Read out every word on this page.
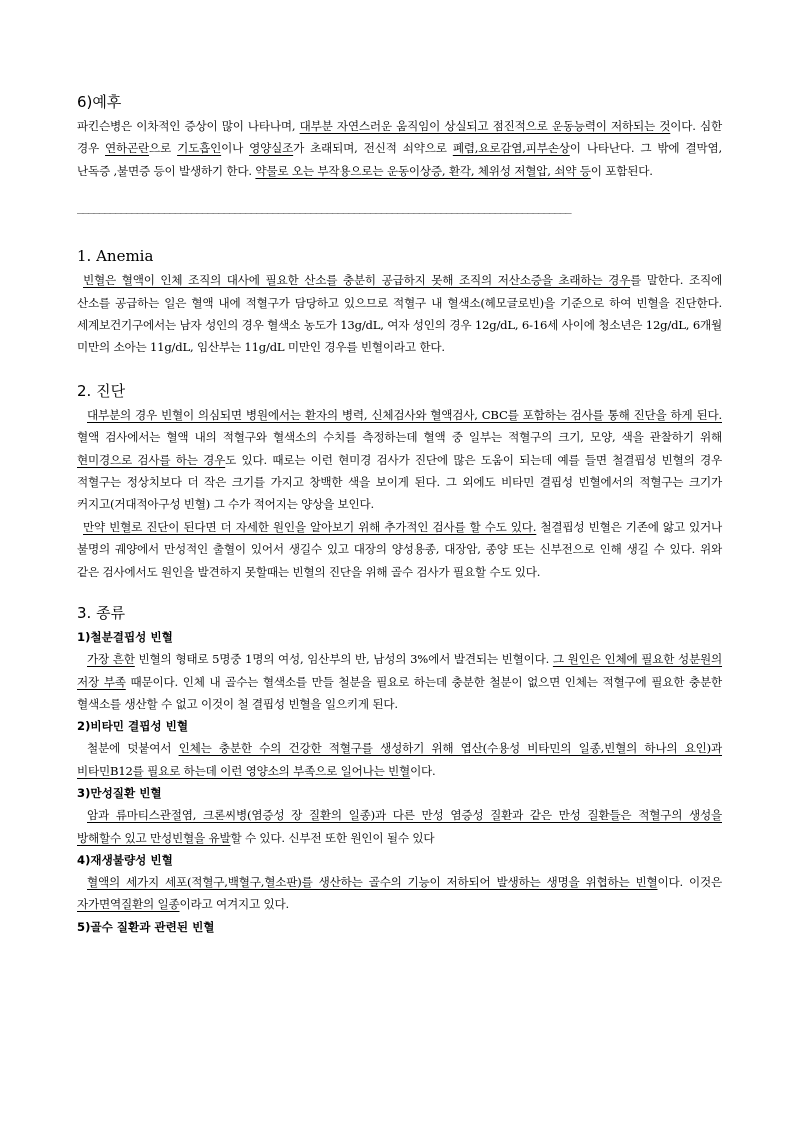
6)예후

파킨슨병은 이차적인 증상이 많이 나타나며, 대부분 자연스러운 움직임이 상실되고 점진적으로 운동능력이 저하되는 것이다. 심한 경우 연하곤란으로 기도흡인이나 영양실조가 초래되며, 전신적 쇠약으로 폐렴,요로감염,피부손상이 나타난다. 그 밖에 결막염, 난독증 ,불면증 등이 발생하기 한다. 약물로 오는 부작용으로는 운동이상증, 환각, 체위성 저혈압, 쇠약 등이 포함된다.

___________________________________________________________________________________________
1. Anemia

빈혈은 혈액이 인체 조직의 대사에 필요한 산소를 충분히 공급하지 못해 조직의 저산소증을 초래하는 경우를 말한다. 조직에 산소를 공급하는 일은 혈액 내에 적혈구가 담당하고 있으므로 적혈구 내 혈색소(헤모글로빈)을 기준으로 하여 빈혈을 진단한다. 세계보건기구에서는 남자 성인의 경우 혈색소 농도가 13g/dL, 여자 성인의 경우 12g/dL, 6-16세 사이에 청소년은 12g/dL, 6개월 미만의 소아는 11g/dL, 임산부는 11g/dL 미만인 경우를 빈혈이라고 한다.

2. 진단

대부분의 경우 빈혈이 의심되면 병원에서는 환자의 병력, 신체검사와 혈액검사, CBC를 포함하는 검사를 통해 진단을 하게 된다. 혈액 검사에서는 혈액 내의 적혈구와 혈색소의 수치를 측정하는데 혈액 중 일부는 적혈구의 크기, 모양, 색을 관찰하기 위해 현미경으로 검사를 하는 경우도 있다. 때로는 이런 현미경 검사가 진단에 많은 도움이 되는데 예를 들면 철결핍성 빈혈의 경우 적혈구는 정상치보다 더 작은 크기를 가지고 창백한 색을 보이게 된다. 그 외에도 비타민 결핍성 빈혈에서의 적혈구는 크기가 커지고(거대적아구성 빈혈) 그 수가 적어지는 양상을 보인다.

만약 빈혈로 진단이 된다면 더 자세한 원인을 알아보기 위해 추가적인 검사를 할 수도 있다. 철결핍성 빈혈은 기존에 앓고 있거나 불명의 궤양에서 만성적인 출혈이 있어서 생길수 있고 대장의 양성용종, 대장암, 종양 또는 신부전으로 인해 생길 수 있다. 위와 같은 검사에서도 원인을 발견하지 못할때는 빈혈의 진단을 위해 골수 검사가 필요할 수도 있다.

3. 종류
1)철분결핍성 빈혈

가장 흔한 빈혈의 형태로 5명중 1명의 여성, 임산부의 반, 남성의 3%에서 발견되는 빈혈이다. 그 원인은 인체에 필요한 성분원의 저장 부족 때문이다. 인체 내 골수는 혈색소를 만들 철분을 필요로 하는데 충분한 철분이 없으면 인체는 적혈구에 필요한 충분한 혈색소를 생산할 수 없고 이것이 철 결핍성 빈혈을 일으키게 된다.

2)비타민 결핍성 빈혈

철분에 덧붙여서 인체는 충분한 수의 건강한 적혈구를 생성하기 위해 엽산(수용성 비타민의 일종,빈혈의 하나의 요인)과 비타민B12를 필요로 하는데 이런 영양소의 부족으로 일어나는 빈혈이다.

3)만성질환 빈혈

암과 류마티스관절염, 크론씨병(염증성 장 질환의 일종)과 다른 만성 염증성 질환과 같은 만성 질환들은 적혈구의 생성을 방해할수 있고 만성빈혈을 유발할 수 있다. 신부전 또한 원인이 될수 있다

4)재생불량성 빈혈

혈액의 세가지 세포(적혈구,백혈구,혈소판)를 생산하는 골수의 기능이 저하되어 발생하는 생명을 위협하는 빈혈이다. 이것은 자가면역질환의 일종이라고 여겨지고 있다.

5)골수 질환과 관련된 빈혈
